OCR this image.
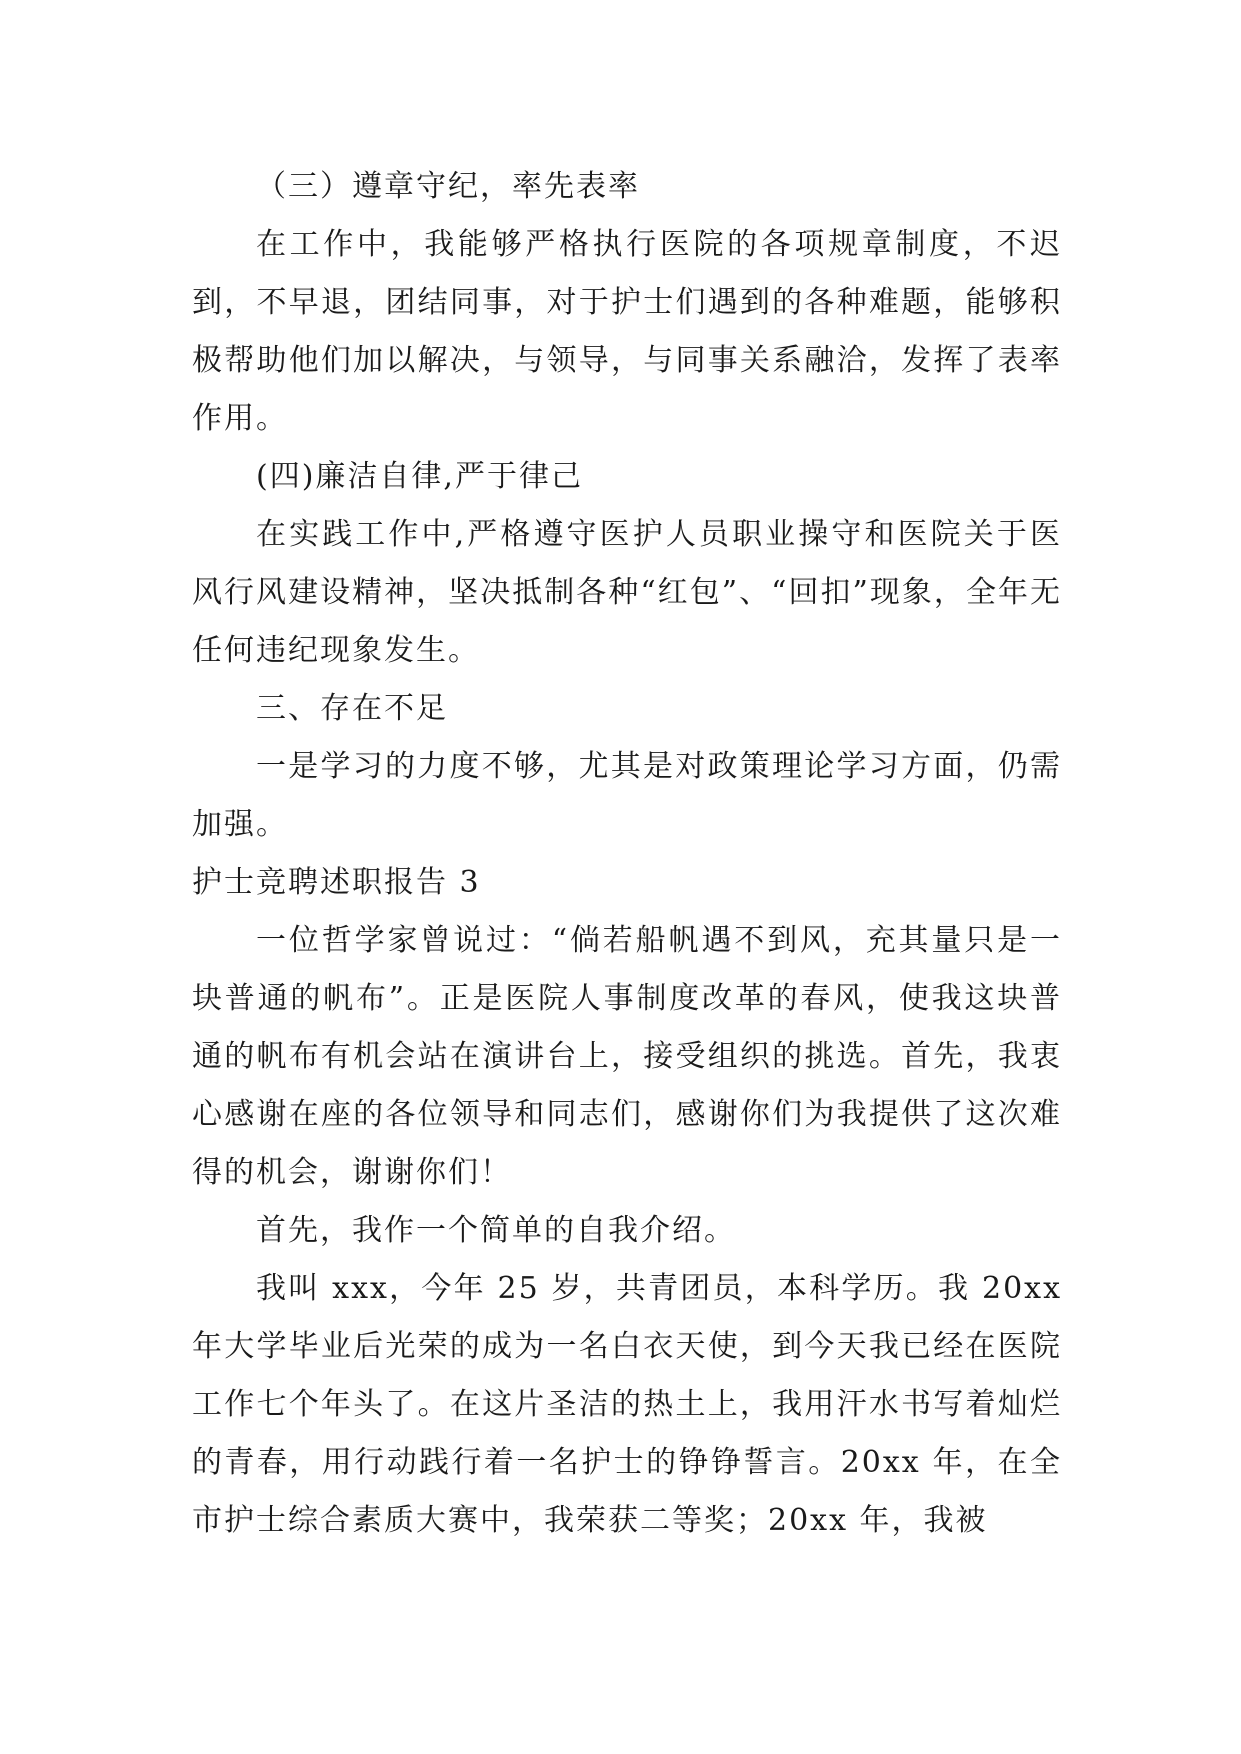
（三）遵章守纪，率先表率

在工作中，我能够严格执行医院的各项规章制度，不迟到，不早退，团结同事，对于护士们遇到的各种难题，能够积极帮助他们加以解决，与领导，与同事关系融洽，发挥了表率作用。

(四)廉洁自律,严于律己

在实践工作中,严格遵守医护人员职业操守和医院关于医风行风建设精神，坚决抵制各种“红包”、“回扣”现象，全年无任何违纪现象发生。

三、存在不足

一是学习的力度不够，尤其是对政策理论学习方面，仍需加强。

护士竞聘述职报告 3

一位哲学家曾说过：“倘若船帆遇不到风，充其量只是一块普通的帆布”。正是医院人事制度改革的春风，使我这块普通的帆布有机会站在演讲台上，接受组织的挑选。首先，我衷心感谢在座的各位领导和同志们，感谢你们为我提供了这次难得的机会，谢谢你们！

首先，我作一个简单的自我介绍。

我叫 xxx，今年 25 岁，共青团员，本科学历。我 20xx 年大学毕业后光荣的成为一名白衣天使，到今天我已经在医院工作七个年头了。在这片圣洁的热土上，我用汗水书写着灿烂的青春，用行动践行着一名护士的铮铮誓言。20xx 年，在全市护士综合素质大赛中，我荣获二等奖；20xx 年，我被
